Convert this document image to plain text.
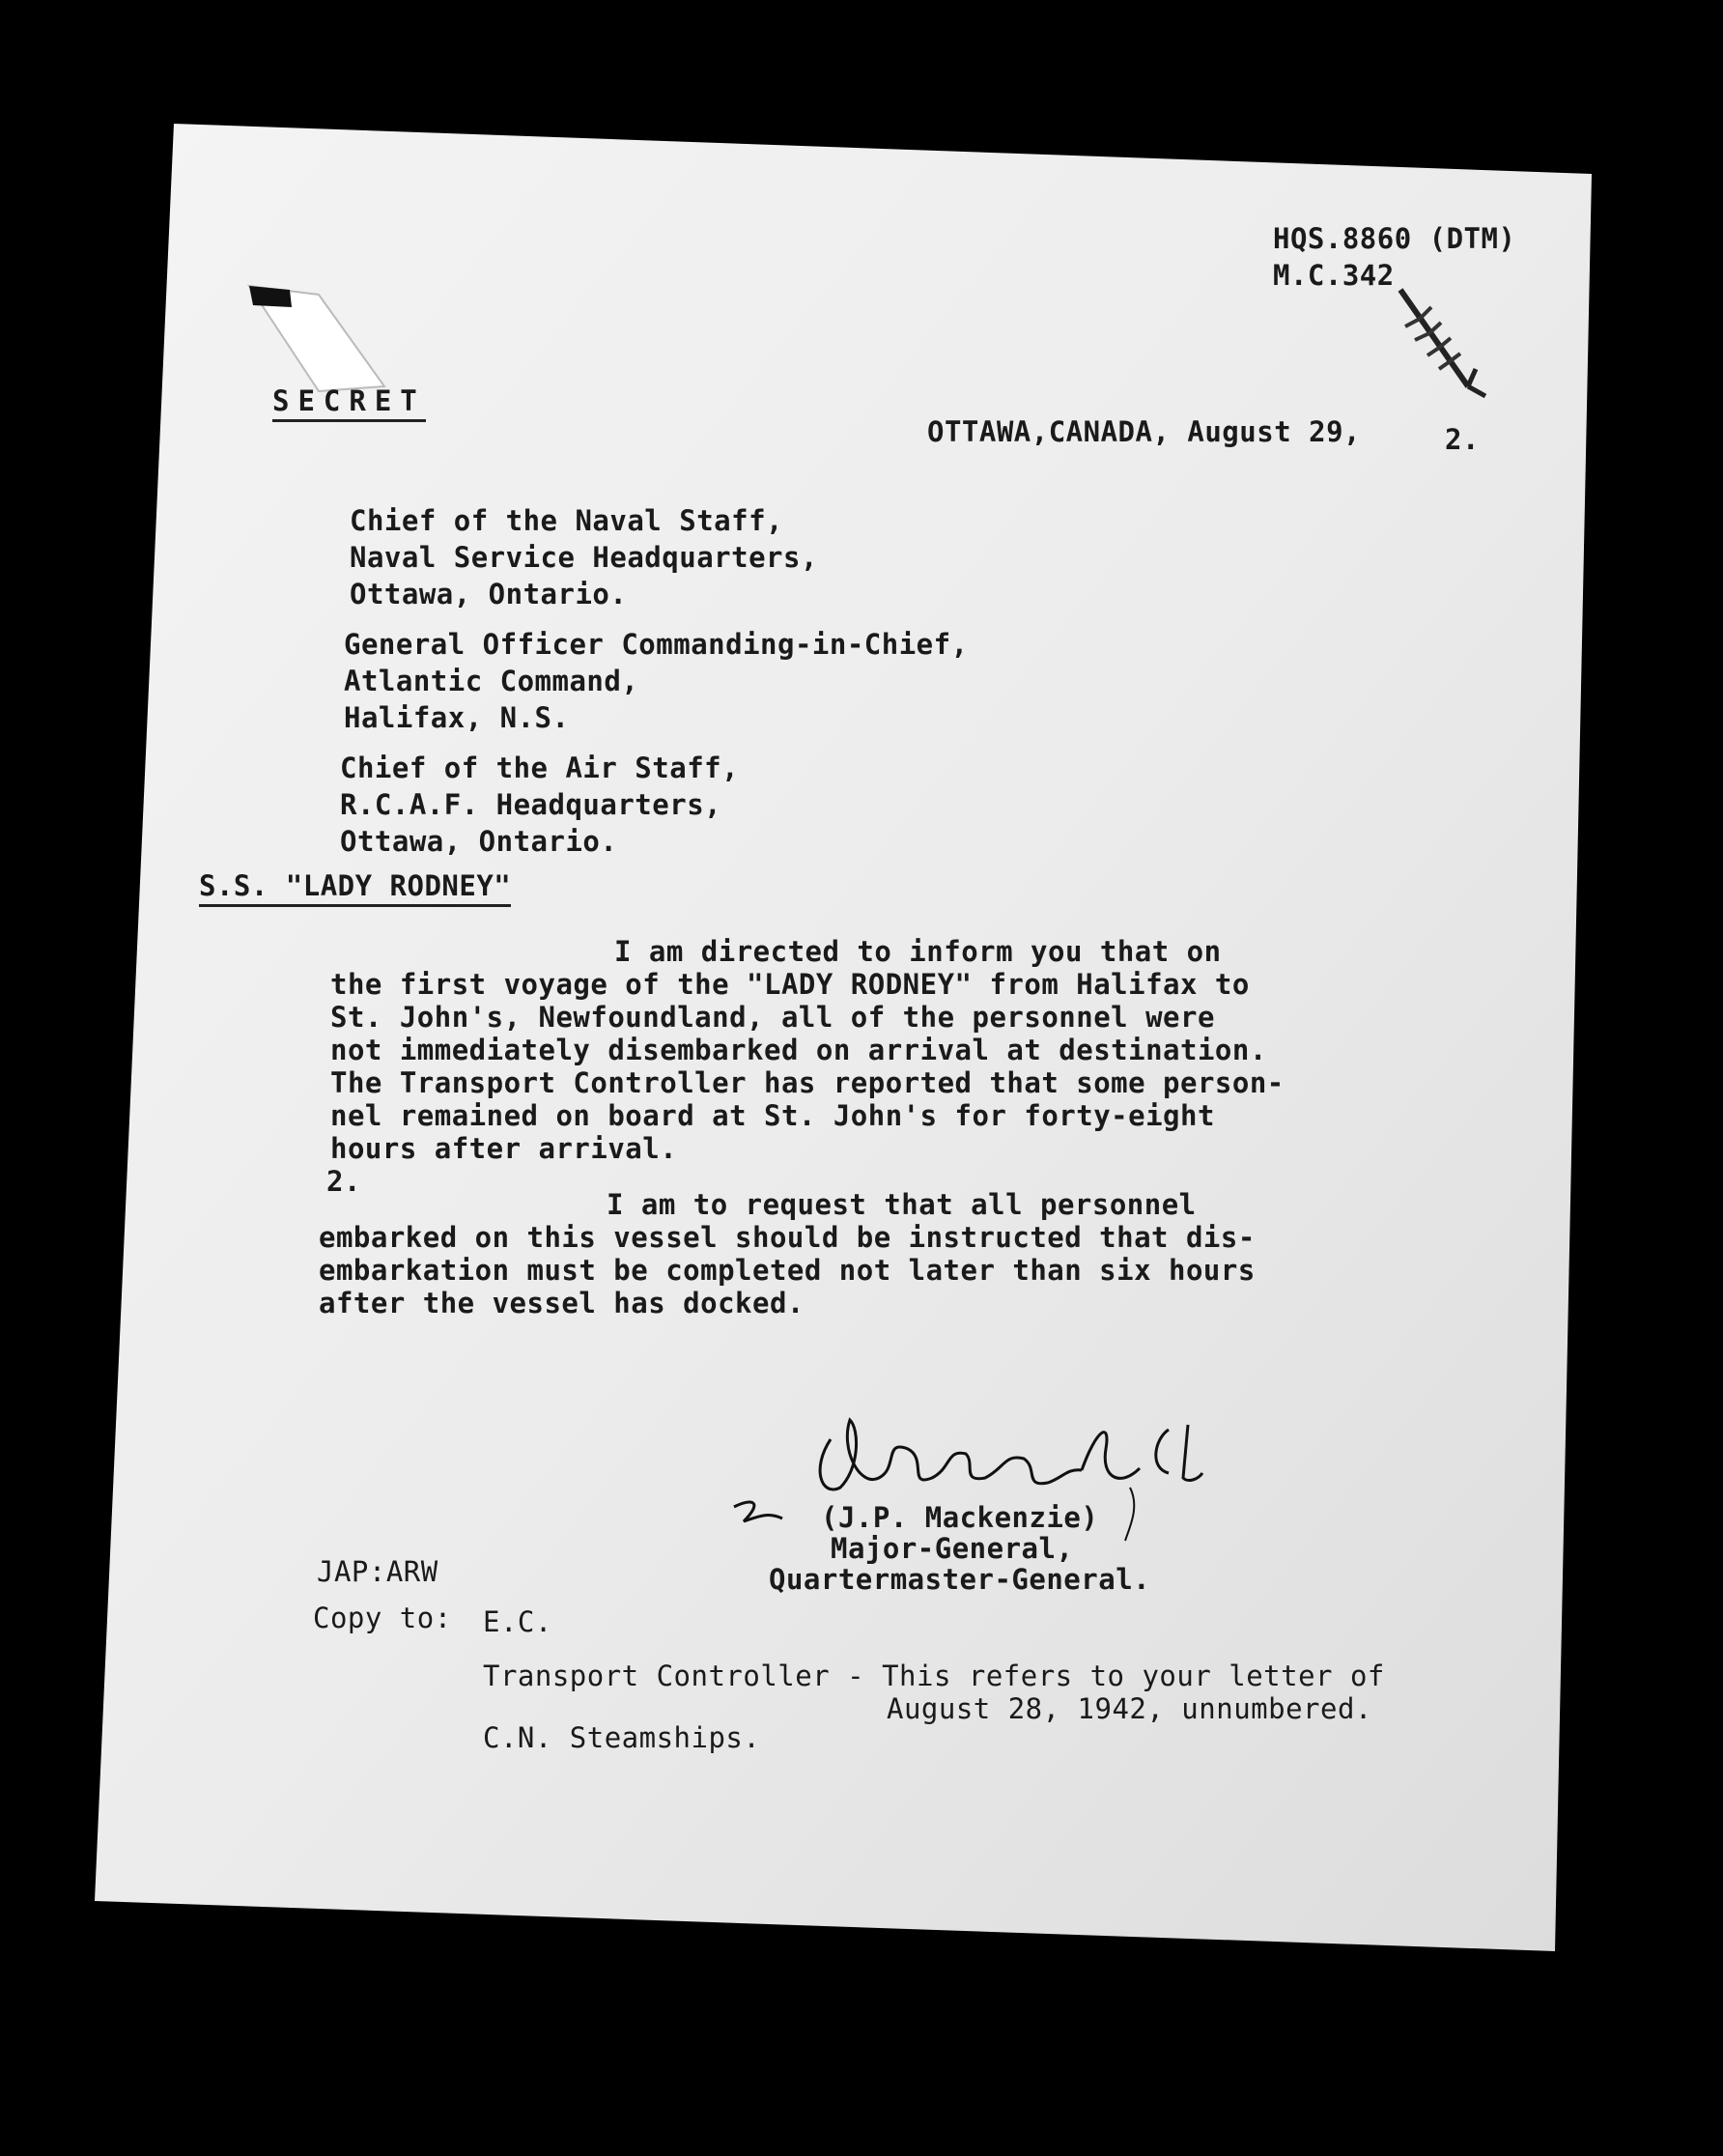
HQS.8860 (DTM)
M.C.342
SECRET
OTTAWA,CANADA, August 29,	2.
Chief of the Naval Staff,
Naval Service Headquarters,
Ottawa, Ontario.
General Officer Commanding-in-Chief,
Atlantic Command,
Halifax, N.S.
Chief of the Air Staff,
R.C.A.F. Headquarters,
Ottawa, Ontario.
S.S. "LADY RODNEY"
I am directed to inform you that on
the first voyage of the "LADY RODNEY" from Halifax to
St. John's, Newfoundland, all of the personnel were
not immediately disembarked on arrival at destination.
The Transport Controller has reported that some person-
nel remained on board at St. John's for forty-eight
hours after arrival.
2.
I am to request that all personnel
embarked on this vessel should be instructed that dis-
embarkation must be completed not later than six hours
after the vessel has docked.
(J.P. Mackenzie)
Major-General,
Quartermaster-General.
JAP:ARW
Copy to: E.C.
Transport Controller - This refers to your letter of
August 28, 1942, unnumbered.
C.N. Steamships.
